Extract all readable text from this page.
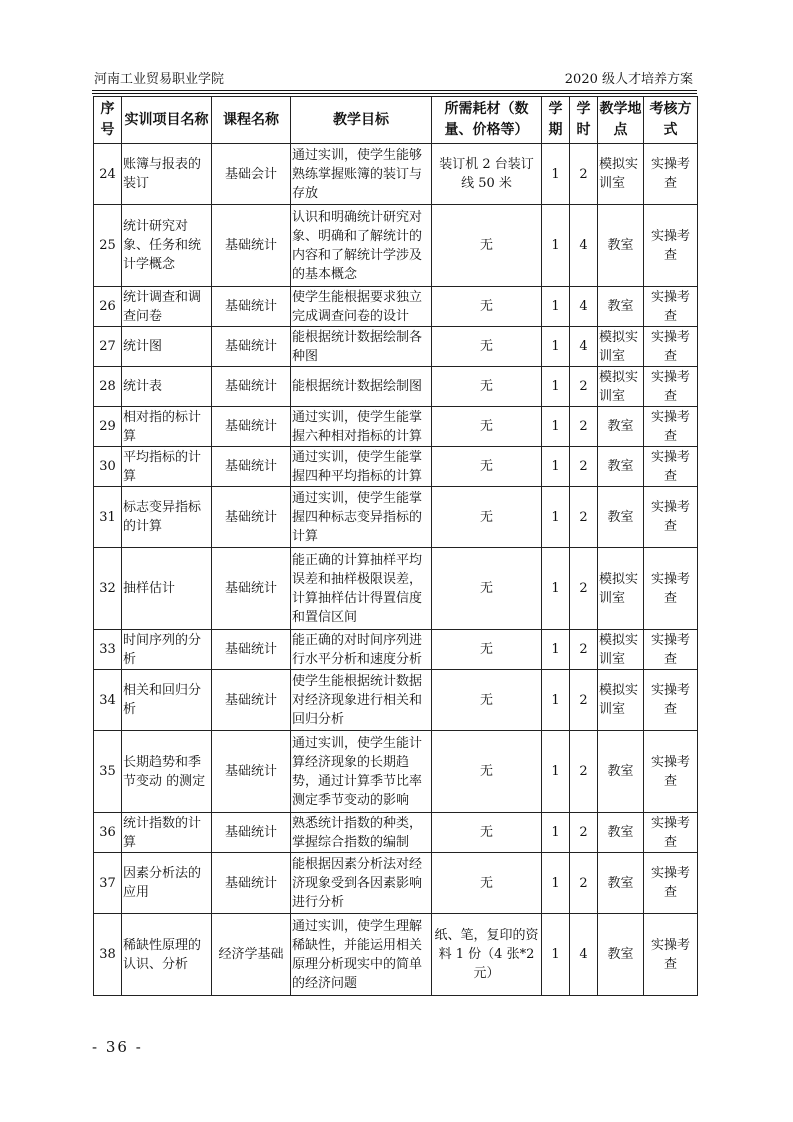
河南工业贸易职业学院	2020 级人才培养方案
序号	实训项目名称	课程名称	教学目标	所需耗材（数量、价格等）	学期	学时	教学地点	考核方式
24	账簿与报表的装订	基础会计	通过实训，使学生能够熟练掌握账簿的装订与存放	装订机 2 台装订线 50 米	1	2	模拟实训室	实操考查
25	统计研究对象、任务和统计学概念	基础统计	认识和明确统计研究对象、明确和了解统计的内容和了解统计学涉及的基本概念	无	1	4	教室	实操考查
26	统计调查和调查问卷	基础统计	使学生能根据要求独立完成调查问卷的设计	无	1	4	教室	实操考查
27	统计图	基础统计	能根据统计数据绘制各种图	无	1	4	模拟实训室	实操考查
28	统计表	基础统计	能根据统计数据绘制图	无	1	2	模拟实训室	实操考查
29	相对指的标计算	基础统计	通过实训，使学生能掌握六种相对指标的计算	无	1	2	教室	实操考查
30	平均指标的计算	基础统计	通过实训，使学生能掌握四种平均指标的计算	无	1	2	教室	实操考查
31	标志变异指标的计算	基础统计	通过实训，使学生能掌握四种标志变异指标的计算	无	1	2	教室	实操考查
32	抽样估计	基础统计	能正确的计算抽样平均误差和抽样极限误差，计算抽样估计得置信度和置信区间	无	1	2	模拟实训室	实操考查
33	时间序列的分析	基础统计	能正确的对时间序列进行水平分析和速度分析	无	1	2	模拟实训室	实操考查
34	相关和回归分析	基础统计	使学生能根据统计数据对经济现象进行相关和回归分析	无	1	2	模拟实训室	实操考查
35	长期趋势和季节变动 的测定	基础统计	通过实训，使学生能计算经济现象的长期趋势，通过计算季节比率测定季节变动的影响	无	1	2	教室	实操考查
36	统计指数的计算	基础统计	熟悉统计指数的种类，掌握综合指数的编制	无	1	2	教室	实操考查
37	因素分析法的应用	基础统计	能根据因素分析法对经济现象受到各因素影响进行分析	无	1	2	教室	实操考查
38	稀缺性原理的认识、分析	经济学基础	通过实训，使学生理解稀缺性，并能运用相关原理分析现实中的简单的经济问题	纸、笔，复印的资料 1 份（4 张*2 元）	1	4	教室	实操考查
- 36 -
